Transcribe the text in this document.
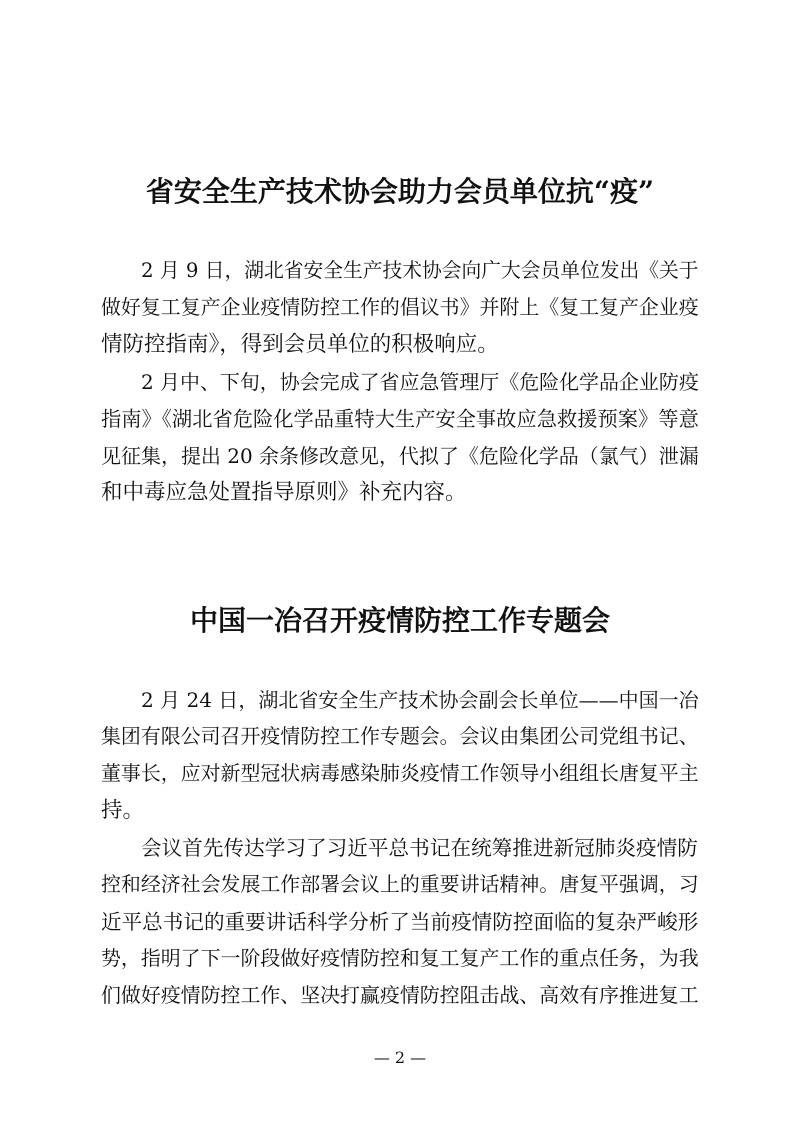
省安全生产技术协会助力会员单位抗“疫”
2 月 9 日，湖北省安全生产技术协会向广大会员单位发出《关于
做好复工复产企业疫情防控工作的倡议书》并附上《复工复产企业疫
情防控指南》，得到会员单位的积极响应。
2 月中、下旬，协会完成了省应急管理厅《危险化学品企业防疫
指南》《湖北省危险化学品重特大生产安全事故应急救援预案》等意
见征集，提出 20 余条修改意见，代拟了《危险化学品（氯气）泄漏
和中毒应急处置指导原则》补充内容。
中国一冶召开疫情防控工作专题会
2 月 24 日，湖北省安全生产技术协会副会长单位——中国一冶
集团有限公司召开疫情防控工作专题会。会议由集团公司党组书记、
董事长，应对新型冠状病毒感染肺炎疫情工作领导小组组长唐复平主
持。
会议首先传达学习了习近平总书记在统筹推进新冠肺炎疫情防
控和经济社会发展工作部署会议上的重要讲话精神。唐复平强调，习
近平总书记的重要讲话科学分析了当前疫情防控面临的复杂严峻形
势，指明了下一阶段做好疫情防控和复工复产工作的重点任务，为我
们做好疫情防控工作、坚决打赢疫情防控阻击战、高效有序推进复工
— 2 —
